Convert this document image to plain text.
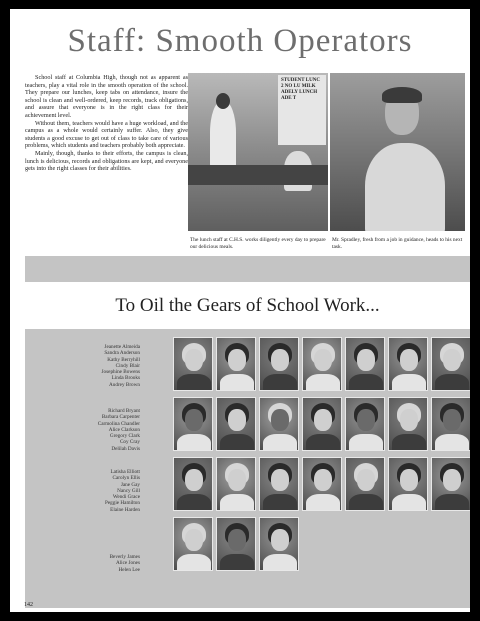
Staff: Smooth Operators

School staff at Columbia High, though not as apparent as teachers, play a vital role in the smooth operation of the school. They prepare our lunches, keep tabs on attendance, insure the school is clean and well-ordered, keep records, track obligations, and assure that everyone is in the right class for their achievement level.

Without them, teachers would have a huge workload, and the campus as a whole would certainly suffer. Also, they give students a good excuse to get out of class to take care of various problems, which students and teachers probably both appreciate.

Mainly, though, thanks to their efforts, the campus is clean, lunch is delicious, records and obligations are kept, and everyone gets into the right classes for their abilities.

STUDENT LUNC 2 NO LU MILK ADELY LUNCH ADE T
The lunch staff at C.H.S. works diligently every day to prepare our delicious meals.
Mr. Spradley, fresh from a job in guidance, heads to his next task.
To Oil the Gears of School Work...
Jeanette Almeida
Sandra Anderson
Kathy Berryhill
Cindy Blair
Josephine Bowens
Linda Brooks
Audrey Brown
Richard Bryant
Barbara Carpenter
Carmolina Chandler
Alice Clarkson
Gregory Clark
Coy Cray
Delilah Davis
Latisha Elliott
Carolyn Ellis
Jane Gay
Nancy Gill
Wendi Grace
Peggie Hamilton
Elaine Harden
Beverly James
Alice Jones
Helen Lee
142
